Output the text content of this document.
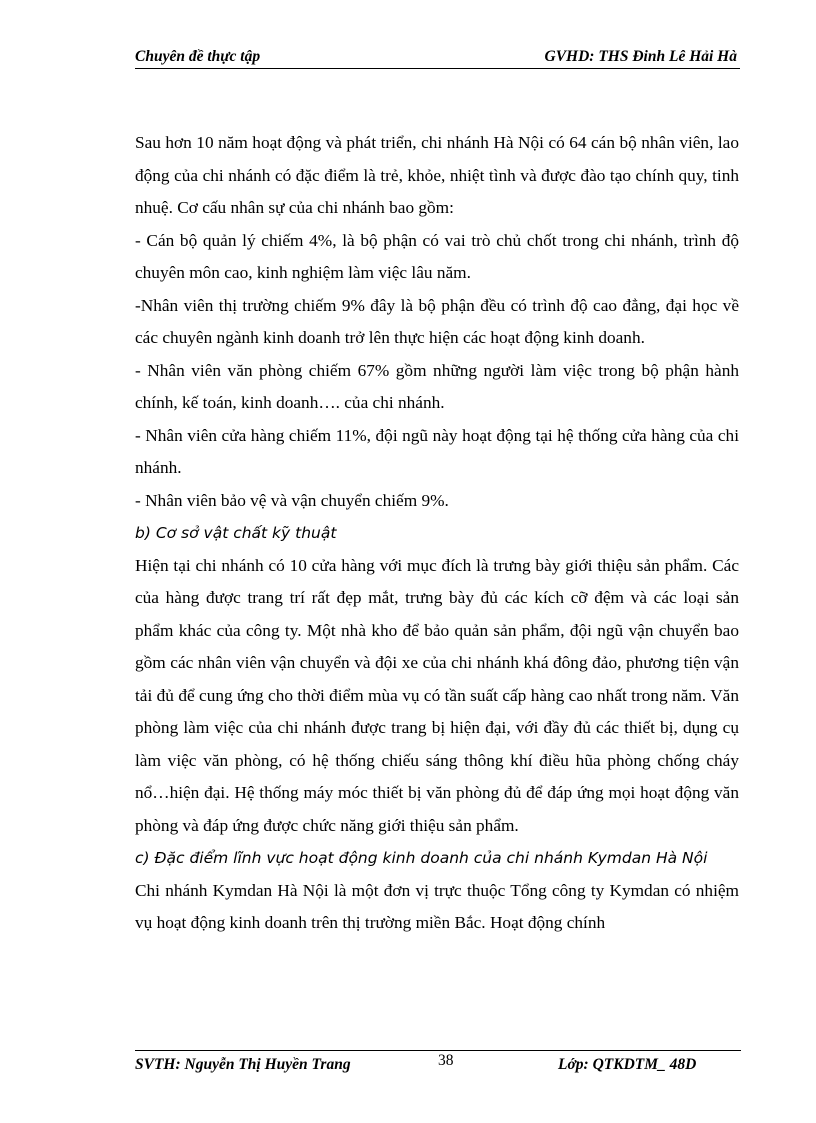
Chuyên đề thực tập	GVHD: THS Đinh Lê Hải Hà

Sau hơn 10 năm hoạt động và phát triển, chi nhánh Hà Nội có 64 cán bộ nhân viên, lao động của chi nhánh có đặc điểm là trẻ, khỏe, nhiệt tình và được đào tạo chính quy, tinh nhuệ. Cơ cấu nhân sự của chi nhánh bao gồm:

- Cán bộ quản lý chiếm 4%, là bộ phận có vai trò chủ chốt trong chi nhánh, trình độ chuyên môn cao, kinh nghiệm làm việc lâu năm.

-Nhân viên thị trường chiếm 9% đây là bộ phận đều có trình độ cao đẳng, đại học về các chuyên ngành kinh doanh trở lên thực hiện các hoạt động kinh doanh.

- Nhân viên văn phòng chiếm 67% gồm những người làm việc trong bộ phận hành chính, kế toán, kinh doanh…. của chi nhánh.

- Nhân viên cửa hàng chiếm 11%, đội ngũ này hoạt động tại hệ thống cửa hàng của chi nhánh.

- Nhân viên bảo vệ và vận chuyển chiếm 9%.

b) Cơ sở vật chất kỹ thuật

Hiện tại chi nhánh có 10 cửa hàng với mục đích là trưng bày giới thiệu sản phẩm. Các của hàng được trang trí rất đẹp mắt, trưng bày đủ các kích cỡ đệm và các loại sản phẩm khác của công ty. Một nhà kho để bảo quản sản phẩm, đội ngũ vận chuyển bao gồm các nhân viên vận chuyển và đội xe của chi nhánh khá đông đảo, phương tiện vận tải đủ để cung ứng cho thời điểm mùa vụ có tần suất cấp hàng cao nhất trong năm. Văn phòng làm việc của chi nhánh được trang bị hiện đại, với đầy đủ các thiết bị, dụng cụ làm việc văn phòng, có hệ thống chiếu sáng thông khí điều hũa phòng chống cháy nổ…hiện đại. Hệ thống máy móc thiết bị văn phòng đủ để đáp ứng mọi hoạt động văn phòng và đáp ứng được chức năng giới thiệu sản phẩm.

c) Đặc điểm lĩnh vực hoạt động kinh doanh của chi nhánh Kymdan Hà Nội

Chi nhánh Kymdan Hà Nội là một đơn vị trực thuộc Tổng công ty Kymdan có nhiệm vụ hoạt động kinh doanh trên thị trường miền Bắc. Hoạt động chính

SVTH: Nguyễn Thị Huyền Trang	38	Lớp: QTKDTM_ 48D
